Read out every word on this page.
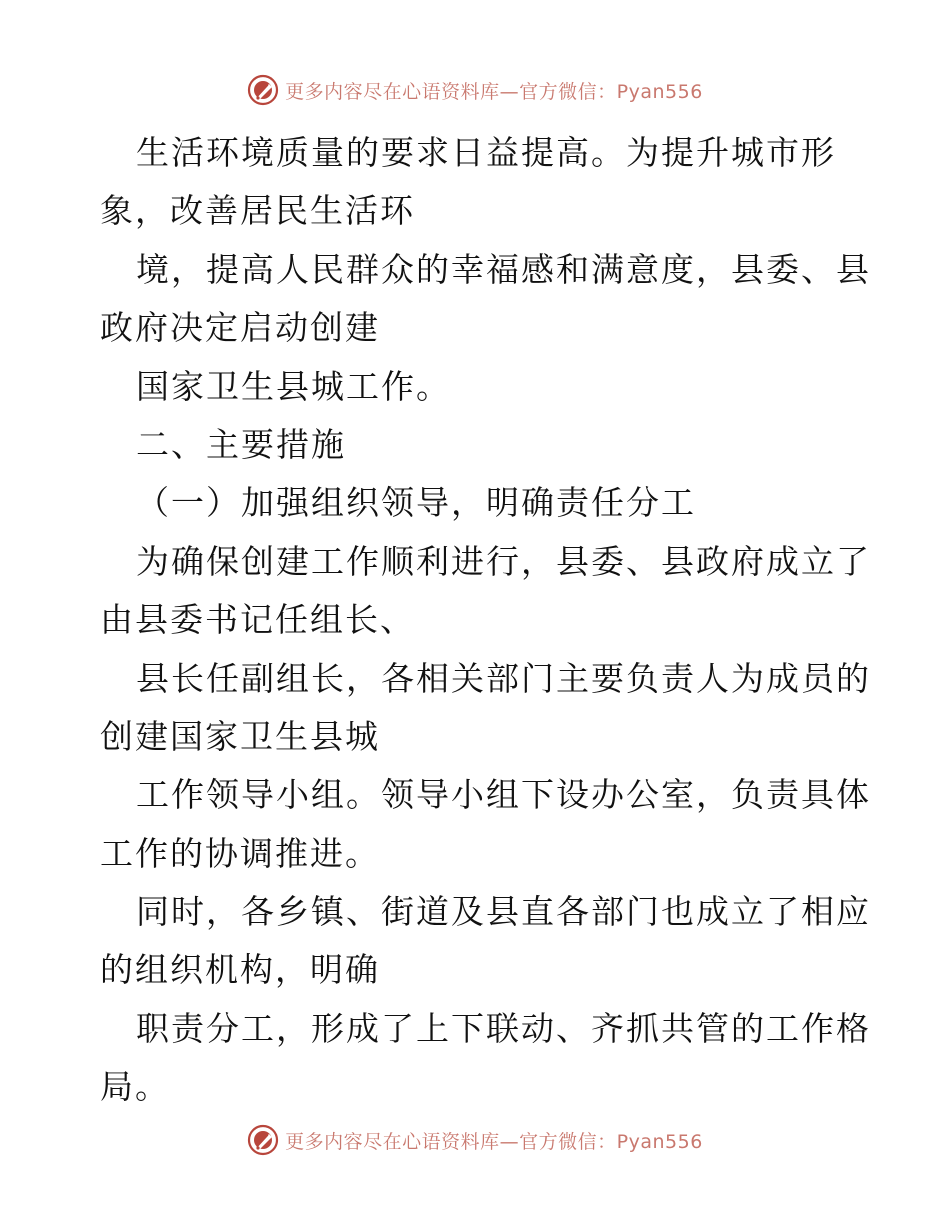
更多内容尽在心语资料库—官方微信：Pyan556
生活环境质量的要求日益提高。为提升城市形
象，改善居民生活环
境，提高人民群众的幸福感和满意度，县委、县
政府决定启动创建
国家卫生县城工作。
二、主要措施
（一）加强组织领导，明确责任分工
为确保创建工作顺利进行，县委、县政府成立了
由县委书记任组长、
县长任副组长，各相关部门主要负责人为成员的
创建国家卫生县城
工作领导小组。领导小组下设办公室，负责具体
工作的协调推进。
同时，各乡镇、街道及县直各部门也成立了相应
的组织机构，明确
职责分工，形成了上下联动、齐抓共管的工作格
局。
更多内容尽在心语资料库—官方微信：Pyan556
